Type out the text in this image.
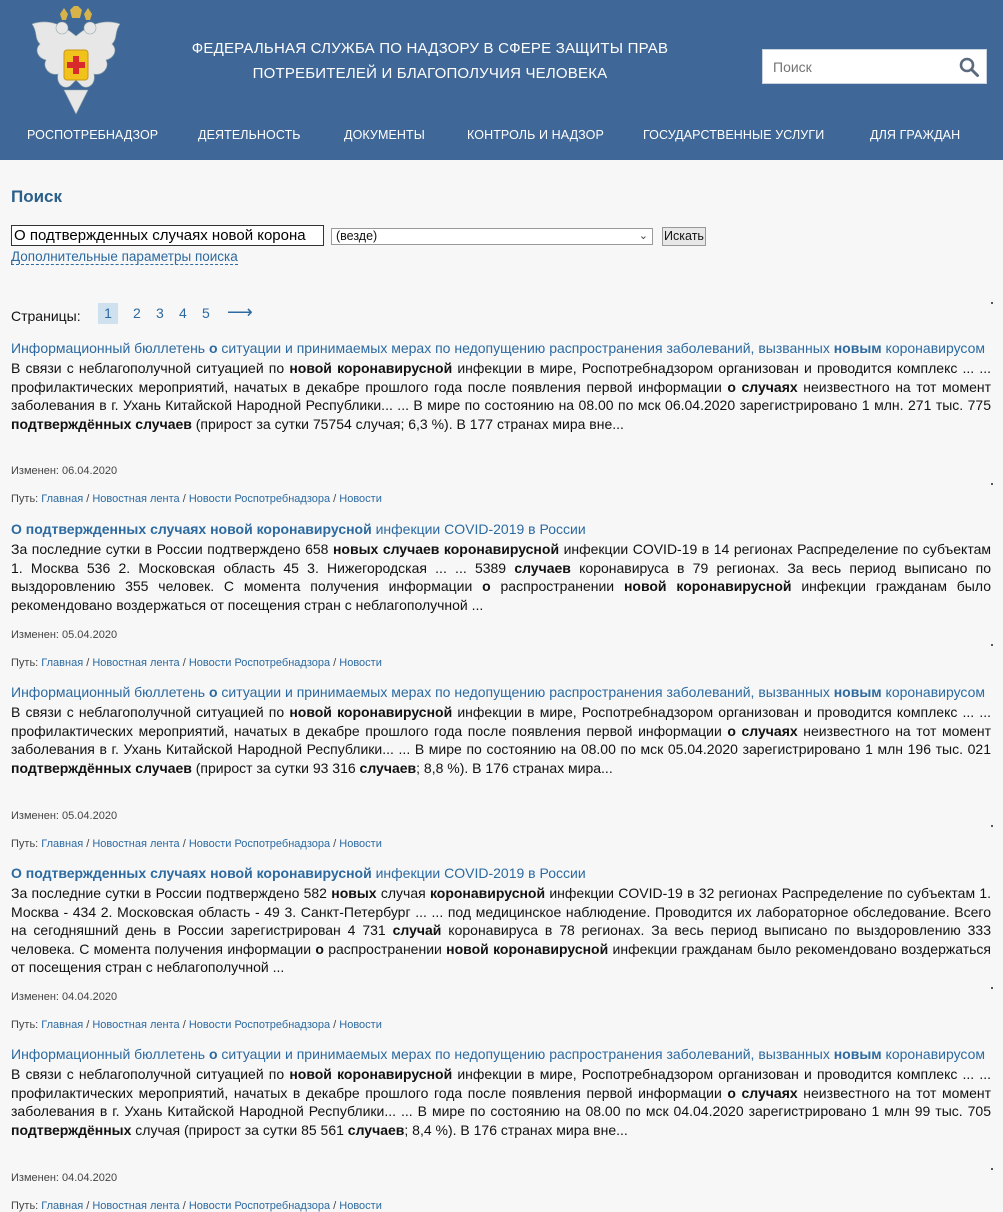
ФЕДЕРАЛЬНАЯ СЛУЖБА ПО НАДЗОРУ В СФЕРЕ ЗАЩИТЫ ПРАВ
ПОТРЕБИТЕЛЕЙ И БЛАГОПОЛУЧИЯ ЧЕЛОВЕКА
Поиск
РОСПОТРЕБНАДЗОР	ДЕЯТЕЛЬНОСТЬ	ДОКУМЕНТЫ	КОНТРОЛЬ И НАДЗОР	ГОСУДАРСТВЕННЫЕ УСЛУГИ	ДЛЯ ГРАЖДАН
Поиск
О подтвержденных случаях новой корона
(везде)	⌄ Искать
Дополнительные параметры поиска
Страницы:	1	2 3 4 5 ⟶
Информационный бюллетень о ситуации и принимаемых мерах по недопущению распространения заболеваний, вызванных новым коронавирусом
В связи с неблагополучной ситуацией по новой коронавирусной инфекции в мире, Роспотребнадзором организован и проводится комплекс ... ... профилактических мероприятий, начатых в декабре прошлого года после появления первой информации о случаях неизвестного на тот момент заболевания в г. Ухань Китайской Народной Республики... ... В мире по состоянию на 08.00 по мск 06.04.2020 зарегистрировано 1 млн. 271 тыс. 775 подтверждённых случаев (прирост за сутки 75754 случая; 6,3 %). В 177 странах мира вне...
Изменен: 06.04.2020
Путь: Главная / Новостная лента / Новости Роспотребнадзора / Новости
О подтвержденных случаях новой коронавирусной инфекции COVID-2019 в России
За последние сутки в России подтверждено 658 новых случаев коронавирусной инфекции COVID-19 в 14 регионах Распределение по субъектам 1. Москва 536 2. Московская область 45 3. Нижегородская ... ... 5389 случаев коронавируса в 79 регионах. За весь период выписано по выздоровлению 355 человек. С момента получения информации о распространении новой коронавирусной инфекции гражданам было рекомендовано воздержаться от посещения стран с неблагополучной ...
Изменен: 05.04.2020
Путь: Главная / Новостная лента / Новости Роспотребнадзора / Новости
Информационный бюллетень о ситуации и принимаемых мерах по недопущению распространения заболеваний, вызванных новым коронавирусом
В связи с неблагополучной ситуацией по новой коронавирусной инфекции в мире, Роспотребнадзором организован и проводится комплекс ... ... профилактических мероприятий, начатых в декабре прошлого года после появления первой информации о случаях неизвестного на тот момент заболевания в г. Ухань Китайской Народной Республики... ... В мире по состоянию на 08.00 по мск 05.04.2020 зарегистрировано 1 млн 196 тыс. 021 подтверждённых случаев (прирост за сутки 93 316 случаев; 8,8 %). В 176 странах мира...
Изменен: 05.04.2020
Путь: Главная / Новостная лента / Новости Роспотребнадзора / Новости
О подтвержденных случаях новой коронавирусной инфекции COVID-2019 в России
За последние сутки в России подтверждено 582 новых случая коронавирусной инфекции COVID-19 в 32 регионах Распределение по субъектам 1. Москва - 434 2. Московская область - 49 3. Санкт-Петербург ... ... под медицинское наблюдение. Проводится их лабораторное обследование. Всего на сегодняшний день в России зарегистрирован 4 731 случай коронавируса в 78 регионах. За весь период выписано по выздоровлению 333 человека. С момента получения информации о распространении новой коронавирусной инфекции гражданам было рекомендовано воздержаться от посещения стран с неблагополучной ...
Изменен: 04.04.2020
Путь: Главная / Новостная лента / Новости Роспотребнадзора / Новости
Информационный бюллетень о ситуации и принимаемых мерах по недопущению распространения заболеваний, вызванных новым коронавирусом
В связи с неблагополучной ситуацией по новой коронавирусной инфекции в мире, Роспотребнадзором организован и проводится комплекс ... ... профилактических мероприятий, начатых в декабре прошлого года после появления первой информации о случаях неизвестного на тот момент заболевания в г. Ухань Китайской Народной Республики... ... В мире по состоянию на 08.00 по мск 04.04.2020 зарегистрировано 1 млн 99 тыс. 705 подтверждённых случая (прирост за сутки 85 561 случаев; 8,4 %). В 176 странах мира вне...
Изменен: 04.04.2020
Путь: Главная / Новостная лента / Новости Роспотребнадзора / Новости
